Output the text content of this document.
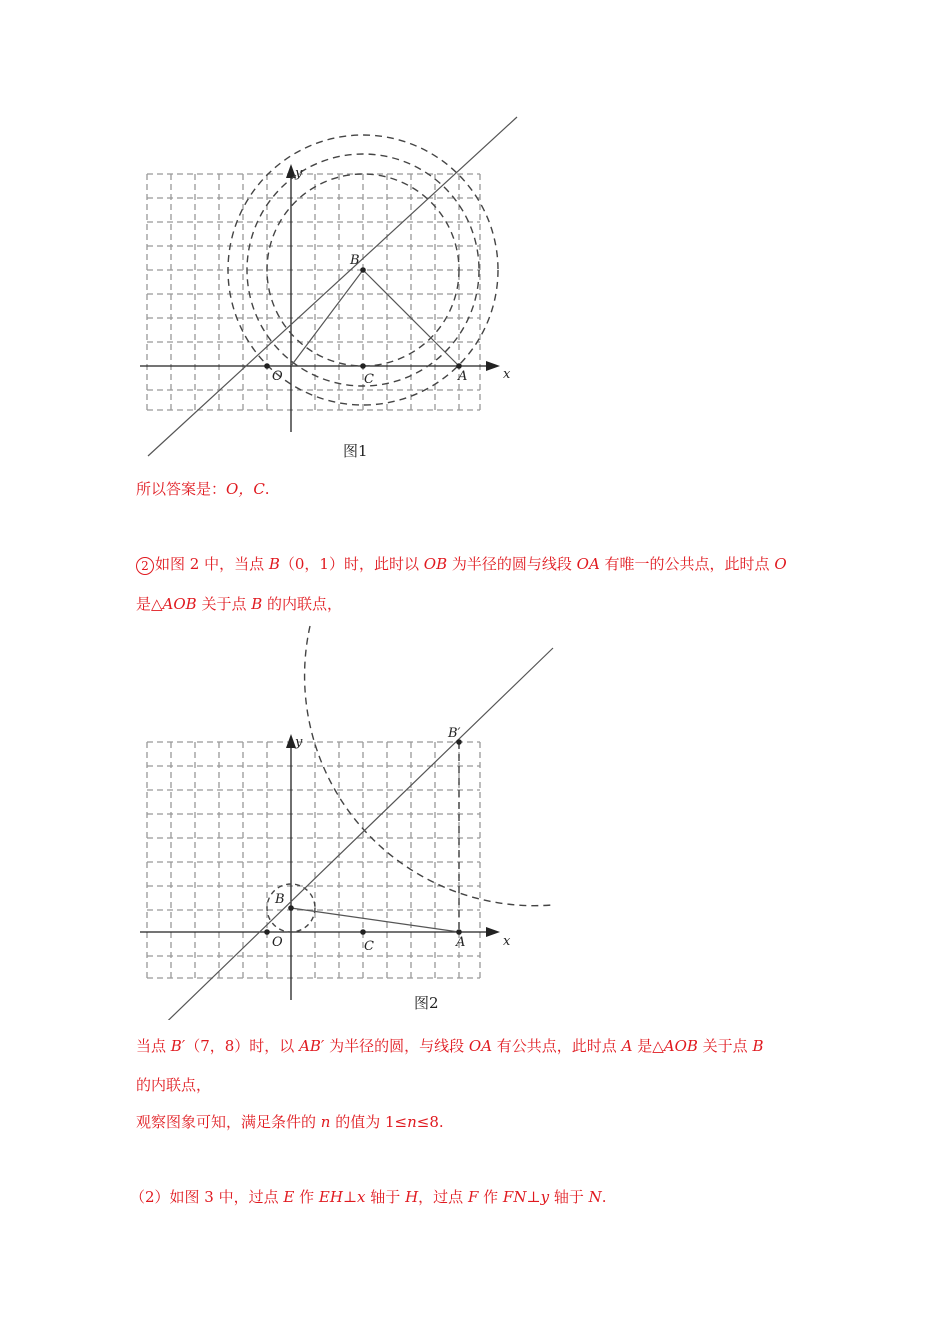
y
x
O
B
C	A
图1
所以答案是：O，C.
2 如图 2 中，当点 B（0，1）时，此时以 OB 为半径的圆与线段 OA 有唯一的公共点，此时点 O
是△AOB 关于点 B 的内联点，
y
x
O
B
B′
C	A
图2
当点 B′（7，8）时，以 AB′ 为半径的圆，与线段 OA 有公共点，此时点 A 是△AOB 关于点 B
的内联点，
观察图象可知，满足条件的 n 的值为 1≤n≤8.
（2）如图 3 中，过点 E 作 EH⊥x 轴于 H，过点 F 作 FN⊥y 轴于 N.
